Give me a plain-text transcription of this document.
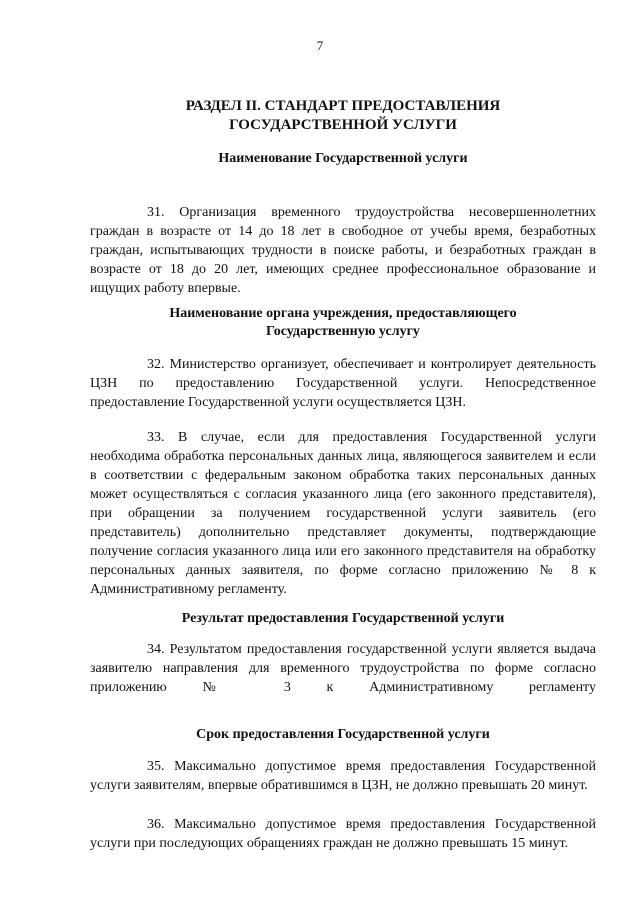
7
РАЗДЕЛ II. СТАНДАРТ ПРЕДОСТАВЛЕНИЯ
ГОСУДАРСТВЕННОЙ УСЛУГИ
Наименование Государственной услуги
31. Организация временного трудоустройства несовершеннолетних граждан в возрасте от 14 до 18 лет в свободное от учебы время, безработных граждан, испытывающих трудности в поиске работы, и безработных граждан в возрасте от 18 до 20 лет, имеющих среднее профессиональное образование и ищущих работу впервые.
Наименование органа учреждения, предоставляющего
Государственную услугу
32. Министерство организует, обеспечивает и контролирует деятельность ЦЗН по предоставлению Государственной услуги. Непосредственное предоставление Государственной услуги осуществляется ЦЗН.
33. В случае, если для предоставления Государственной услуги необходима обработка персональных данных лица, являющегося заявителем и если в соответствии с федеральным законом обработка таких персональных данных может осуществляться с согласия указанного лица (его законного представителя), при обращении за получением государственной услуги заявитель (его представитель) дополнительно представляет документы, подтверждающие получение согласия указанного лица или его законного представителя на обработку персональных данных заявителя, по форме согласно приложению № 8 к Административному регламенту.
Результат предоставления Государственной услуги
34. Результатом предоставления государственной услуги является выдача заявителю направления для временного трудоустройства по форме согласно приложению № 3 к Административному регламенту
Срок предоставления Государственной услуги
35. Максимально допустимое время предоставления Государственной услуги заявителям, впервые обратившимся в ЦЗН, не должно превышать 20 минут.
36. Максимально допустимое время предоставления Государственной услуги при последующих обращениях граждан не должно превышать 15 минут.
